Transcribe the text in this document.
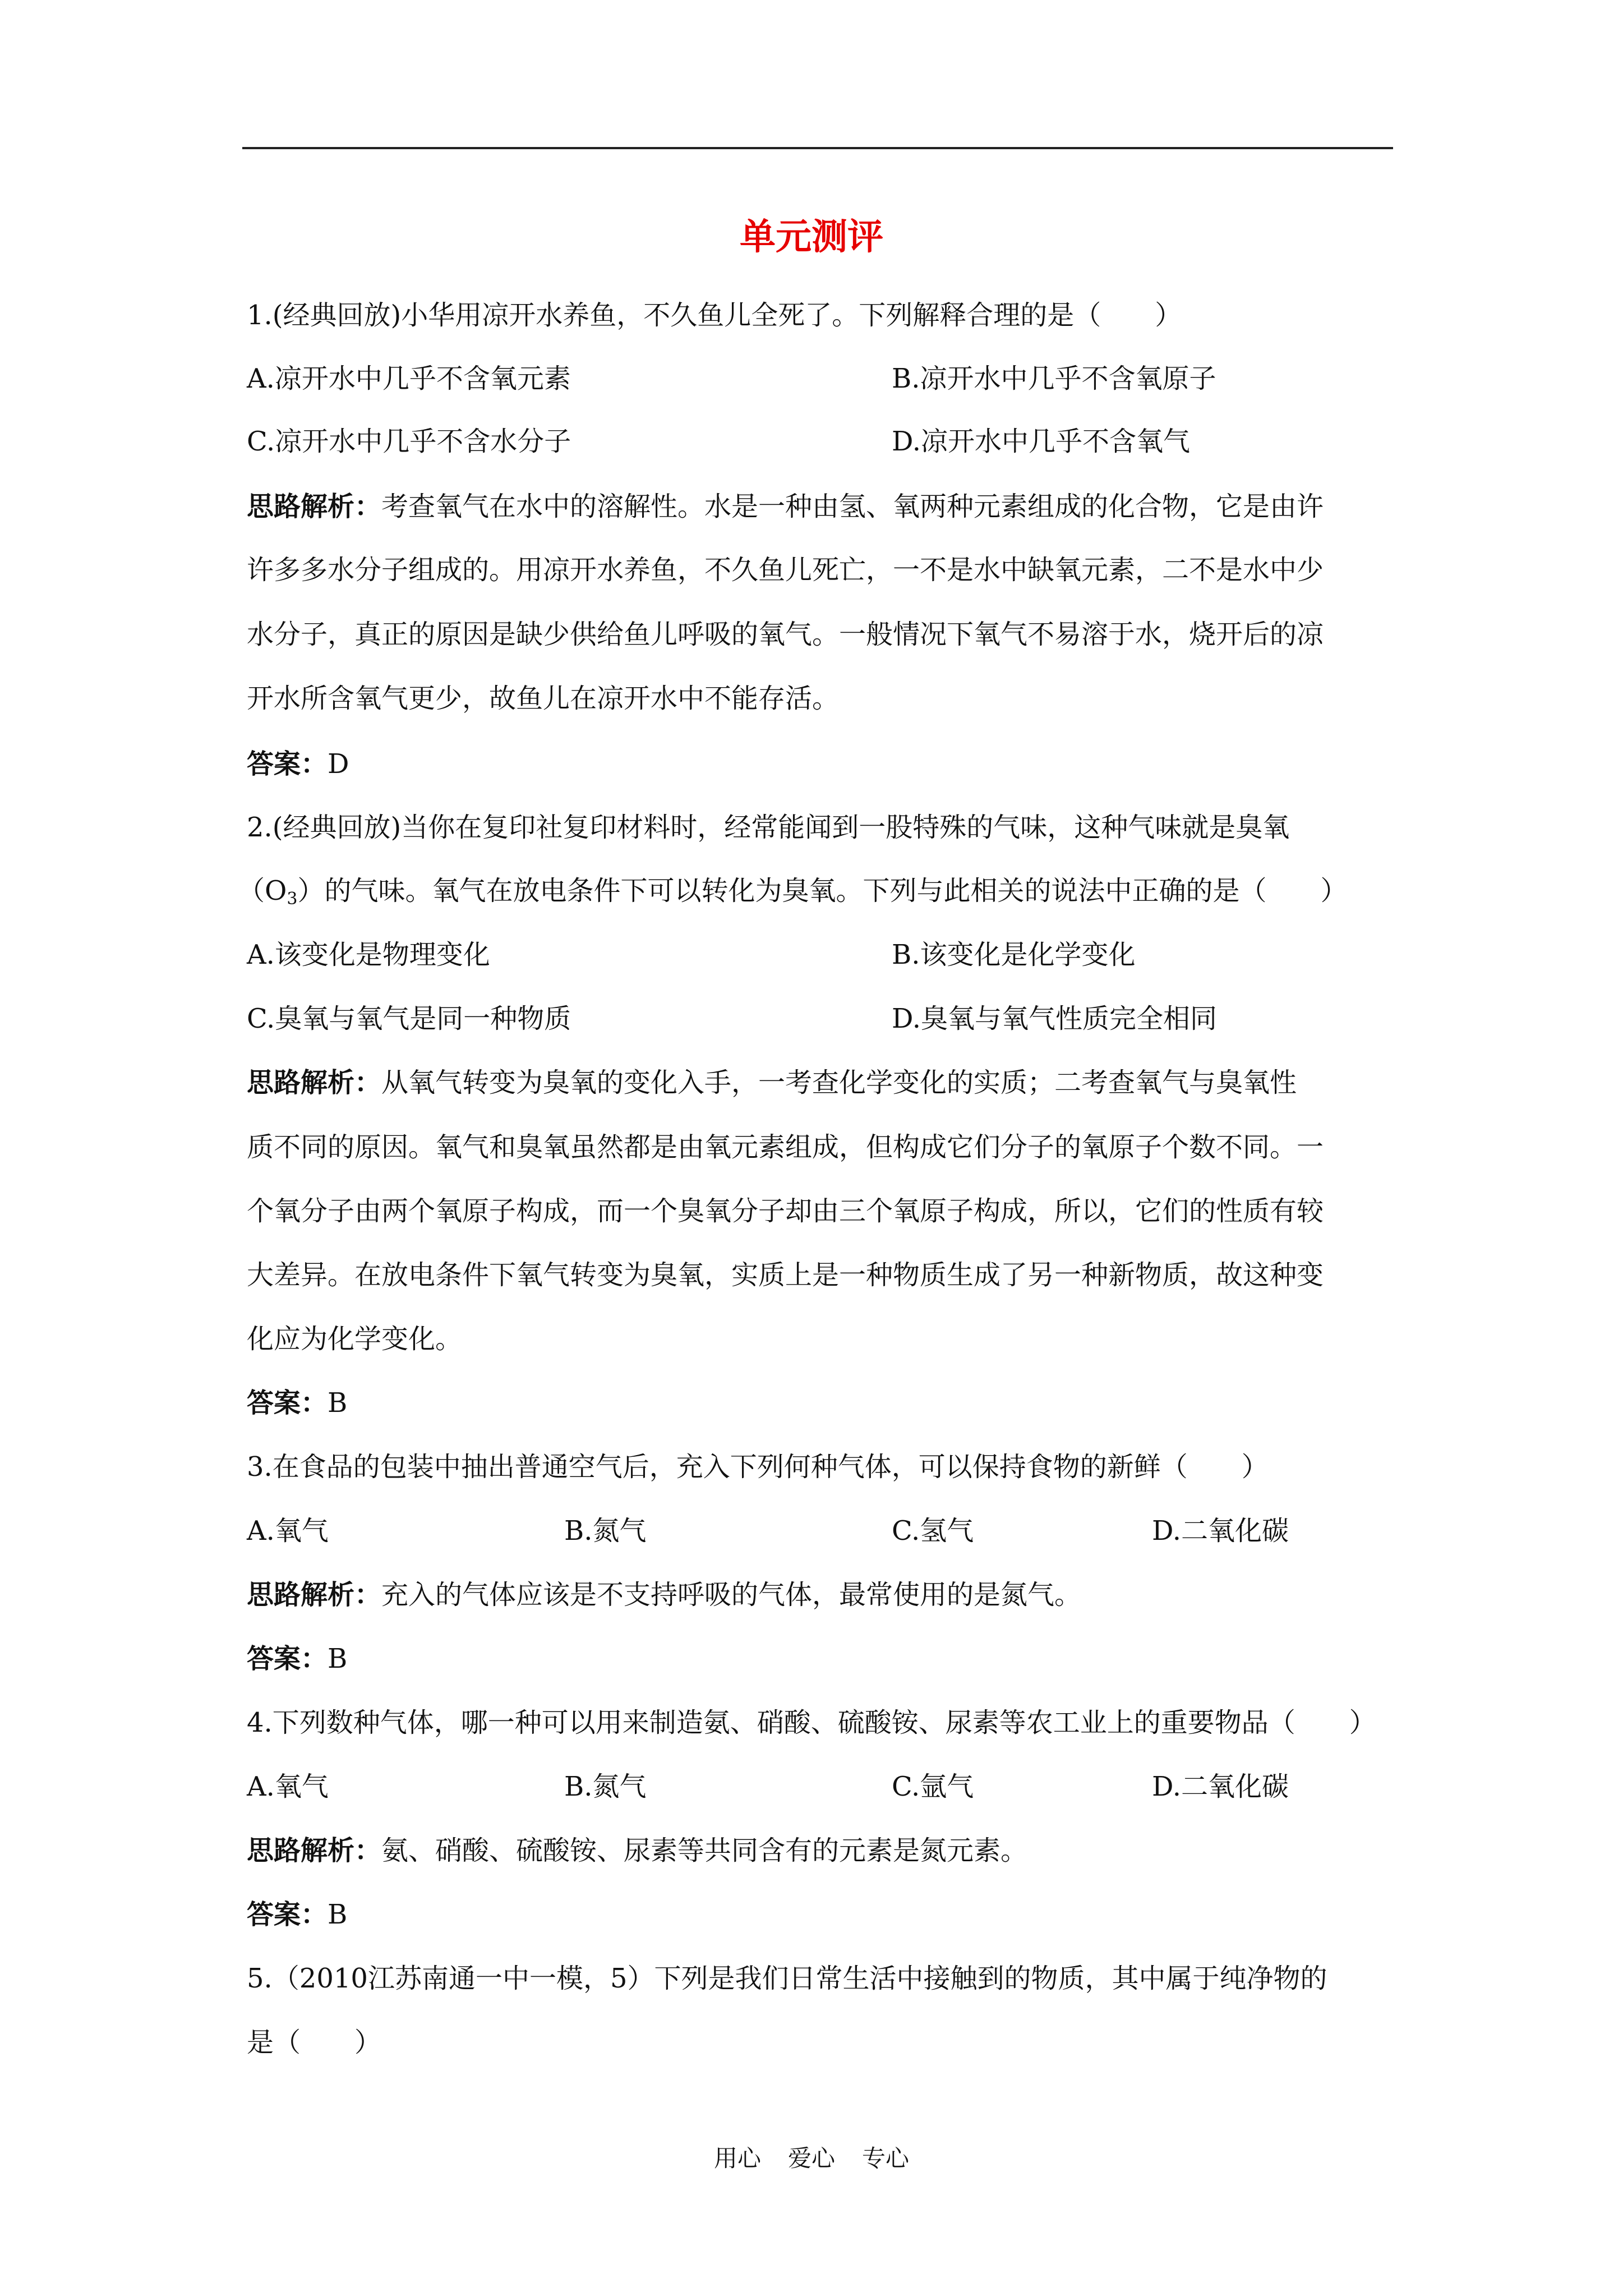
单元测评
1.(经典回放)小华用凉开水养鱼，不久鱼儿全死了。下列解释合理的是（　　）
A.凉开水中几乎不含氧元素	B.凉开水中几乎不含氧原子
C.凉开水中几乎不含水分子	D.凉开水中几乎不含氧气
思路解析：考查氧气在水中的溶解性。水是一种由氢、氧两种元素组成的化合物，它是由许
许多多水分子组成的。用凉开水养鱼，不久鱼儿死亡，一不是水中缺氧元素，二不是水中少
水分子，真正的原因是缺少供给鱼儿呼吸的氧气。一般情况下氧气不易溶于水，烧开后的凉
开水所含氧气更少，故鱼儿在凉开水中不能存活。
答案：D
2.(经典回放)当你在复印社复印材料时，经常能闻到一股特殊的气味，这种气味就是臭氧
$(O_3)$的气味。氧气在放电条件下可以转化为臭氧。下列与此相关的说法中正确的是（　　）
A.该变化是物理变化	B.该变化是化学变化
C.臭氧与氧气是同一种物质	D.臭氧与氧气性质完全相同
思路解析：从氧气转变为臭氧的变化入手，一考查化学变化的实质；二考查氧气与臭氧性
质不同的原因。氧气和臭氧虽然都是由氧元素组成，但构成它们分子的氧原子个数不同。一
个氧分子由两个氧原子构成，而一个臭氧分子却由三个氧原子构成，所以，它们的性质有较
大差异。在放电条件下氧气转变为臭氧，实质上是一种物质生成了另一种新物质，故这种变
化应为化学变化。
答案：B
3.在食品的包装中抽出普通空气后，充入下列何种气体，可以保持食物的新鲜（　　）
A.氧气	B.氮气	C.氢气	D.二氧化碳
思路解析：充入的气体应该是不支持呼吸的气体，最常使用的是氮气。
答案：B
4.下列数种气体，哪一种可以用来制造氨、硝酸、硫酸铵、尿素等农工业上的重要物品（　　）
A.氧气	B.氮气	C.氩气	D.二氧化碳
思路解析：氨、硝酸、硫酸铵、尿素等共同含有的元素是氮元素。
答案：B
5.（2010江苏南通一中一模，5）下列是我们日常生活中接触到的物质，其中属于纯净物的
是（　　）
用心 爱心 专心
